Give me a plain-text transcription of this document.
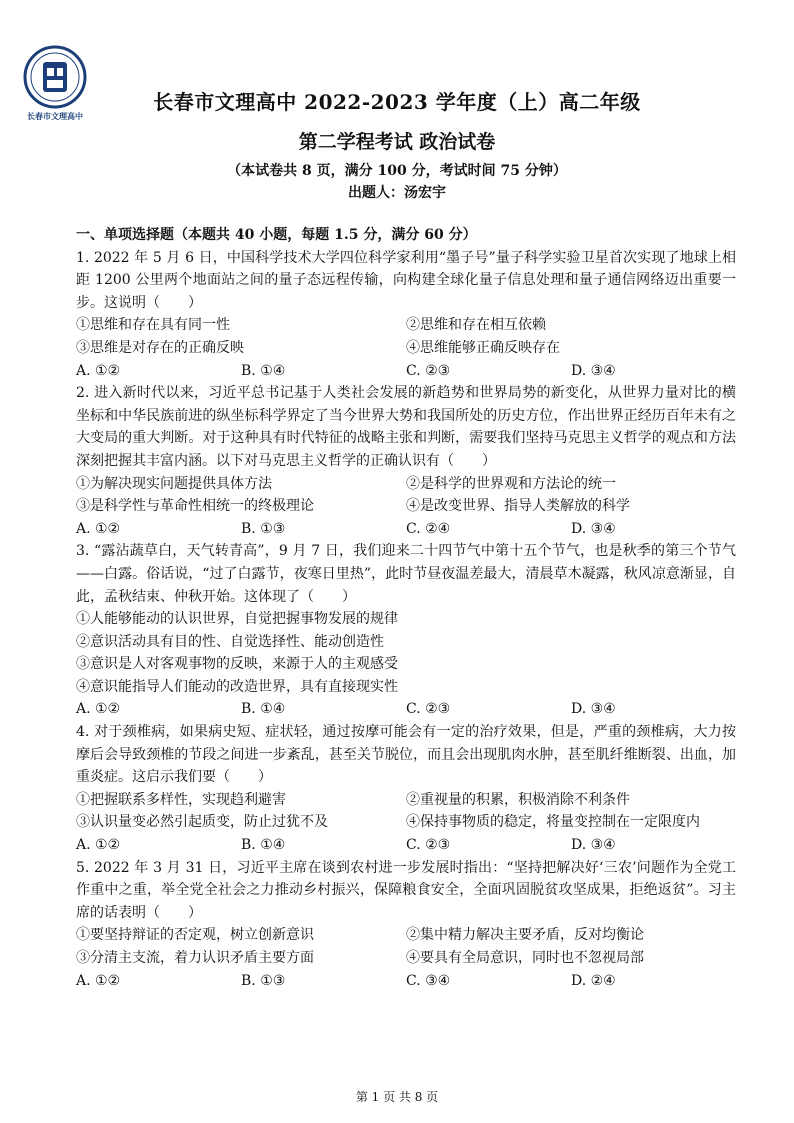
长春市文理高中
长春市文理高中 2022-2023 学年度（上）高二年级
第二学程考试 政治试卷
（本试卷共 8 页，满分 100 分，考试时间 75 分钟）
出题人：汤宏宇
一、单项选择题（本题共 40 小题，每题 1.5 分，满分 60 分）
1. 2022 年 5 月 6 日，中国科学技术大学四位科学家利用“墨子号”量子科学实验卫星首次实现了地球上相距 1200 公里两个地面站之间的量子态远程传输，向构建全球化量子信息处理和量子通信网络迈出重要一步。这说明（　　）
①思维和存在具有同一性	②思维和存在相互依赖
③思维是对存在的正确反映	④思维能够正确反映存在
A. ①②	B. ①④	C. ②③	D. ③④
2. 进入新时代以来，习近平总书记基于人类社会发展的新趋势和世界局势的新变化，从世界力量对比的横坐标和中华民族前进的纵坐标科学界定了当今世界大势和我国所处的历史方位，作出世界正经历百年未有之大变局的重大判断。对于这种具有时代特征的战略主张和判断，需要我们坚持马克思主义哲学的观点和方法深刻把握其丰富内涵。以下对马克思主义哲学的正确认识有（　　）
①为解决现实问题提供具体方法	②是科学的世界观和方法论的统一
③是科学性与革命性相统一的终极理论	④是改变世界、指导人类解放的科学
A. ①②	B. ①③	C. ②④	D. ③④
3. “露沾蔬草白，天气转青高”，9 月 7 日，我们迎来二十四节气中第十五个节气，也是秋季的第三个节气——白露。俗话说，“过了白露节，夜寒日里热”，此时节昼夜温差最大，清晨草木凝露，秋风凉意渐显，自此，孟秋结束、仲秋开始。这体现了（　　）
①人能够能动的认识世界，自觉把握事物发展的规律
②意识活动具有目的性、自觉选择性、能动创造性
③意识是人对客观事物的反映，来源于人的主观感受
④意识能指导人们能动的改造世界，具有直接现实性
A. ①②	B. ①④	C. ②③	D. ③④
4. 对于颈椎病，如果病史短、症状轻，通过按摩可能会有一定的治疗效果，但是，严重的颈椎病，大力按摩后会导致颈椎的节段之间进一步紊乱，甚至关节脱位，而且会出现肌肉水肿，甚至肌纤维断裂、出血，加重炎症。这启示我们要（　　）
①把握联系多样性，实现趋利避害	②重视量的积累，积极消除不利条件
③认识量变必然引起质变，防止过犹不及	④保持事物质的稳定，将量变控制在一定限度内
A. ①②	B. ①④	C. ②③	D. ③④
5. 2022 年 3 月 31 日，习近平主席在谈到农村进一步发展时指出：“坚持把解决好‘三农’问题作为全党工作重中之重，举全党全社会之力推动乡村振兴，保障粮食安全，全面巩固脱贫攻坚成果，拒绝返贫”。习主席的话表明（　　）
①要坚持辩证的否定观，树立创新意识	②集中精力解决主要矛盾，反对均衡论
③分清主支流，着力认识矛盾主要方面	④要具有全局意识，同时也不忽视局部
A. ①②	B. ①③	C. ③④	D. ②④
第 1 页 共 8 页
